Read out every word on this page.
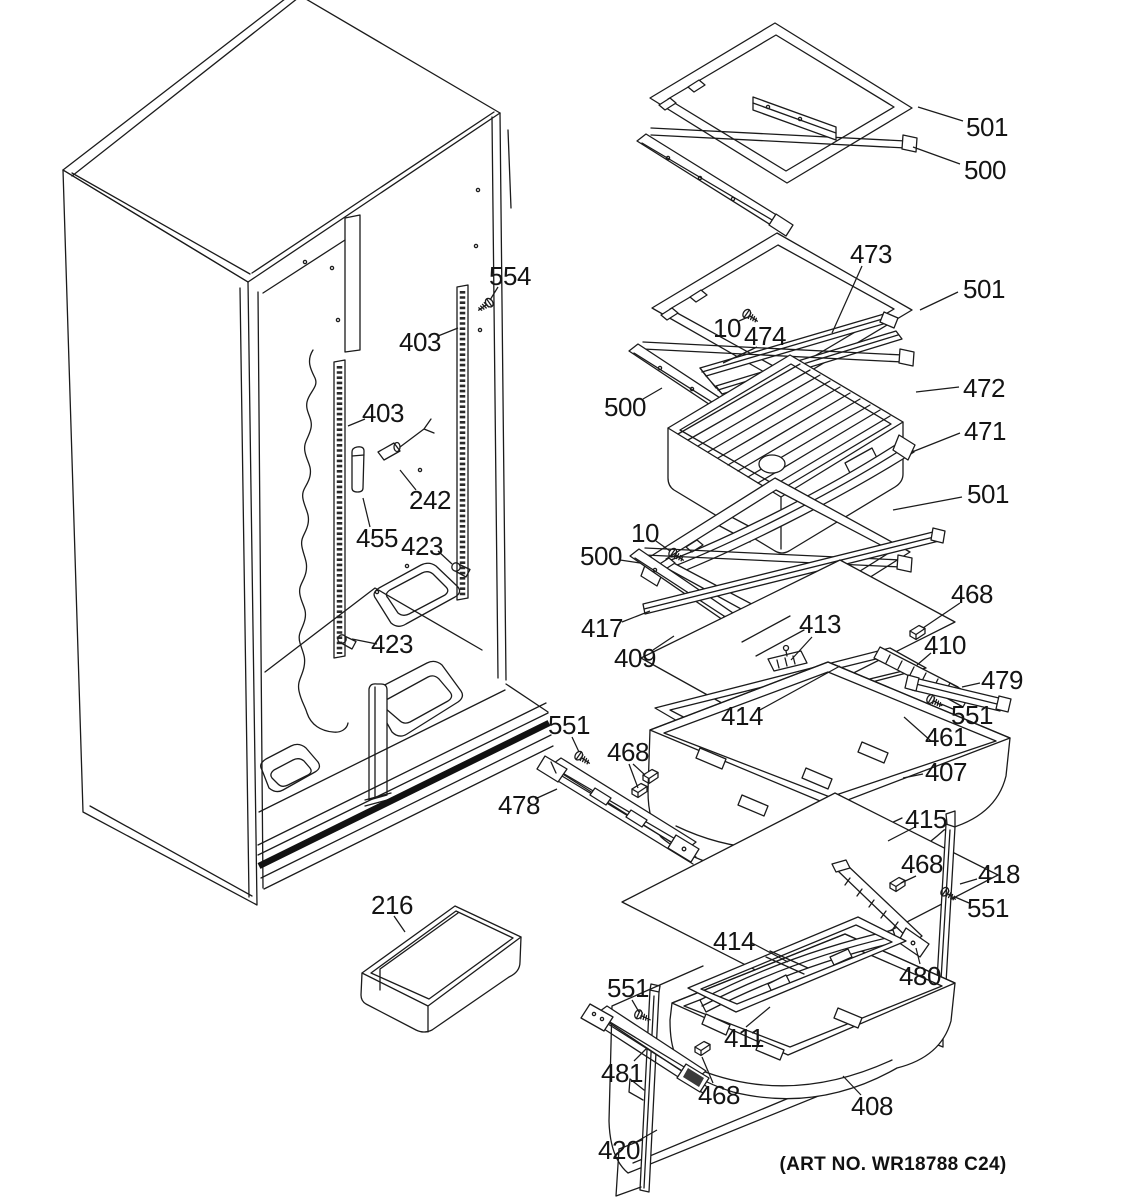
501
500
473
501
554
10 474
403
472
500
403
471
242	501
455 423	10
500
468
417	413
423	409	410
479
551
414
461
551
468
407
478	415
468 418
551
216
414
480
551
411
481
468	408
420	(ART NO. WR18788 C24)
